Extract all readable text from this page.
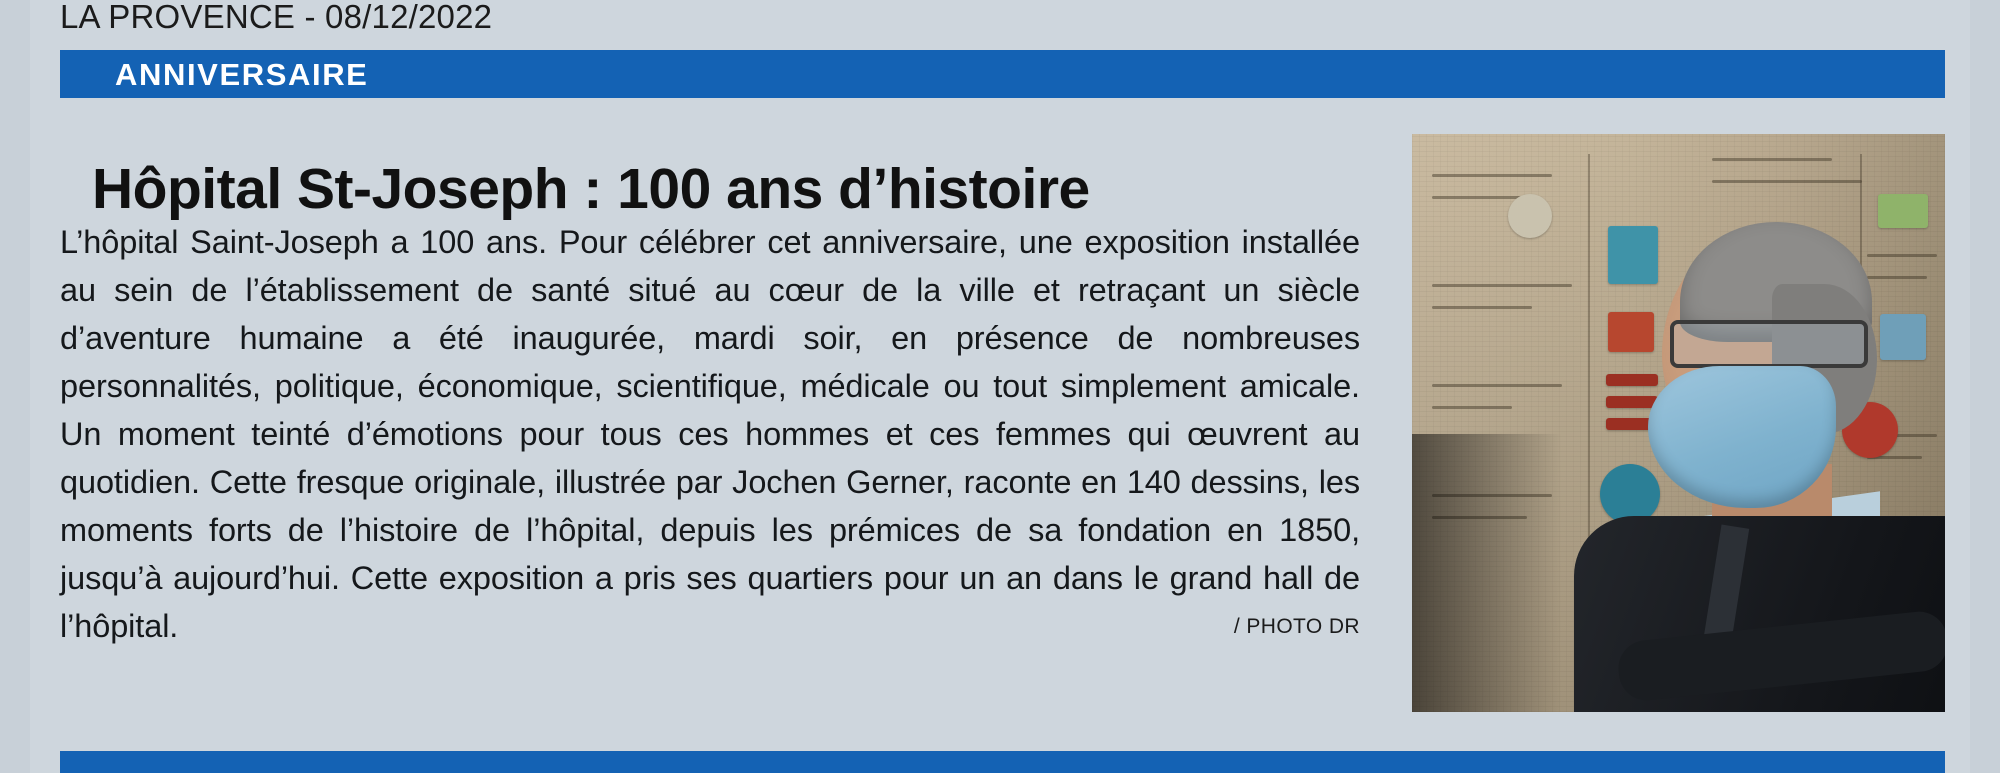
LA PROVENCE - 08/12/2022
ANNIVERSAIRE
Hôpital St-Joseph : 100 ans d’histoire
L’hôpital Saint-Joseph a 100 ans. Pour célébrer cet anniversaire, une exposition installée au sein de l’établissement de santé situé au cœur de la ville et retraçant un siècle d’aventure humaine a été inaugurée, mardi soir, en présence de nombreuses personnalités, politique, économique, scientifique, médicale ou tout simplement amicale. Un moment teinté d’émotions pour tous ces hommes et ces femmes qui œuvrent au quotidien. Cette fresque originale, illustrée par Jochen Gerner, raconte en 140 dessins, les moments forts de l’histoire de l’hôpital, depuis les prémices de sa fondation en 1850, jusqu’à aujourd’hui. Cette exposition a pris ses quartiers pour un an dans le grand hall de l’hôpital.	/ PHOTO DR
